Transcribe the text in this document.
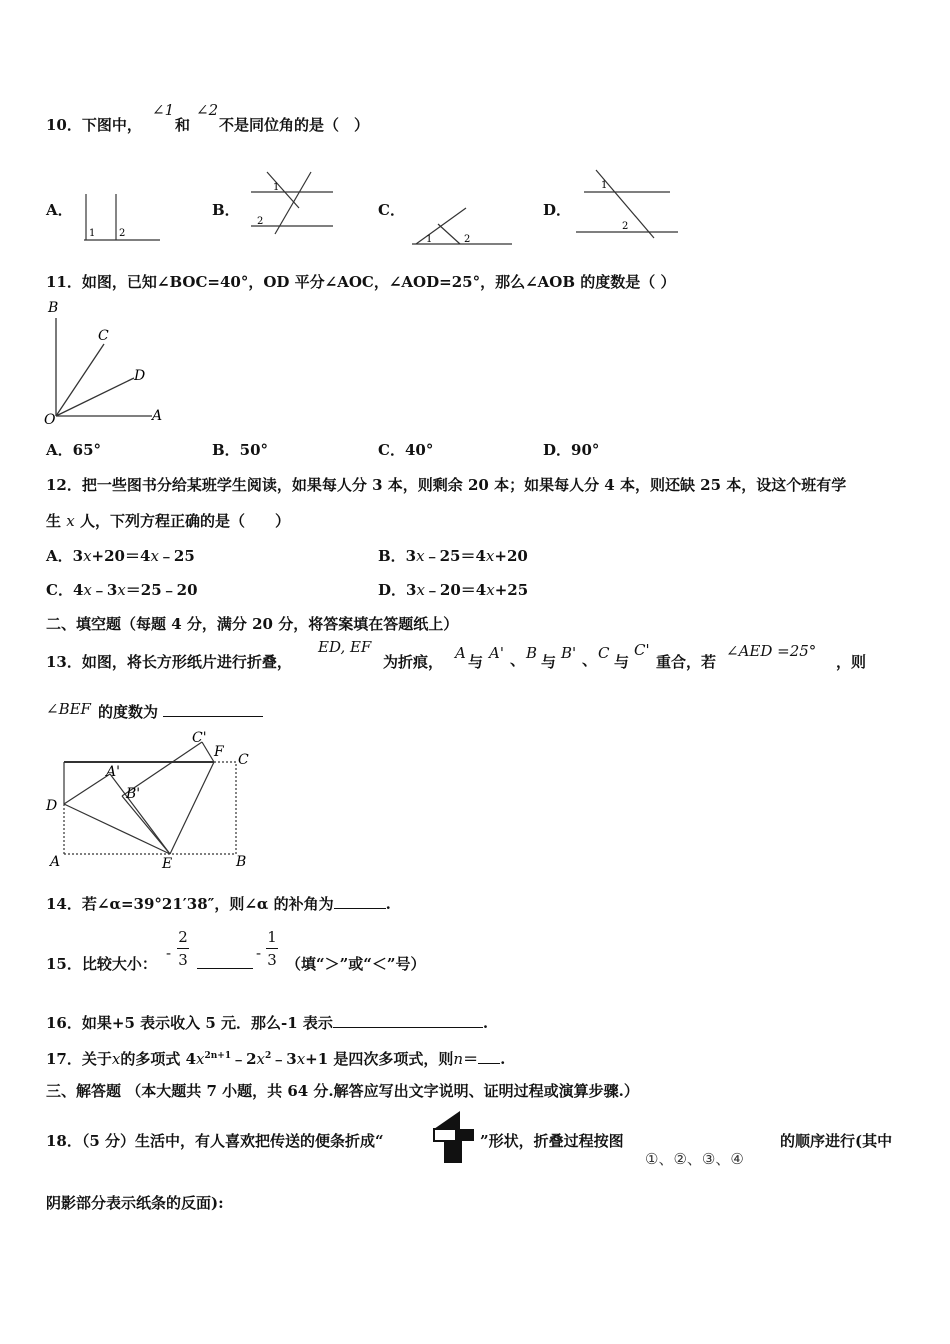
10．下图中，
∠1
和
∠2
不是同位角的是（　）
A．	B．	C．	D．
1 2
1
2
1	2
1
2
11．如图，已知∠BOC=40°，OD 平分∠AOC，∠AOD=25°，那么∠AOB 的度数是（ ）
B
C
D
O	A
A．65°	B．50°	C．40°	D．90°
12．把一些图书分给某班学生阅读，如果每人分 3 本，则剩余 20 本；如果每人分 4 本，则还缺 25 本，设这个班有学
生 x 人，下列方程正确的是（　　）
A．3x+20＝4x﹣25	B．3x﹣25＝4x+20
C．4x﹣3x＝25﹣20	D．3x﹣20＝4x+25
二、填空题（每题 4 分，满分 20 分，将答案填在答题纸上）
13．如图，将长方形纸片进行折叠，
ED, EF
为折痕， A 与 A' 、 B 与 B' 、 C 与
C'
重合，若
∠AED =25°
，则
∠BEF 的度数为
C'
F C
A'
B'
D
A	E	B
14．若∠α=39°21′38″，则∠α 的补角为	.
15．比较大小：
-
2
3	-
1
3 （填“＞”或“＜”号）
16．如果+5 表示收入 5 元．那么-1 表示	.
17．关于x的多项式 $4x^{2n+1}﹣2x^2﹣3x+1$ 是四次多项式，则n＝ .
三、解答题 （本大题共 7 小题，共 64 分.解答应写出文字说明、证明过程或演算步骤.）
18．（5 分）生活中，有人喜欢把传送的便条折成“	”形状，折叠过程按图
①、②、③、④
的顺序进行(其中
阴影部分表示纸条的反面):
